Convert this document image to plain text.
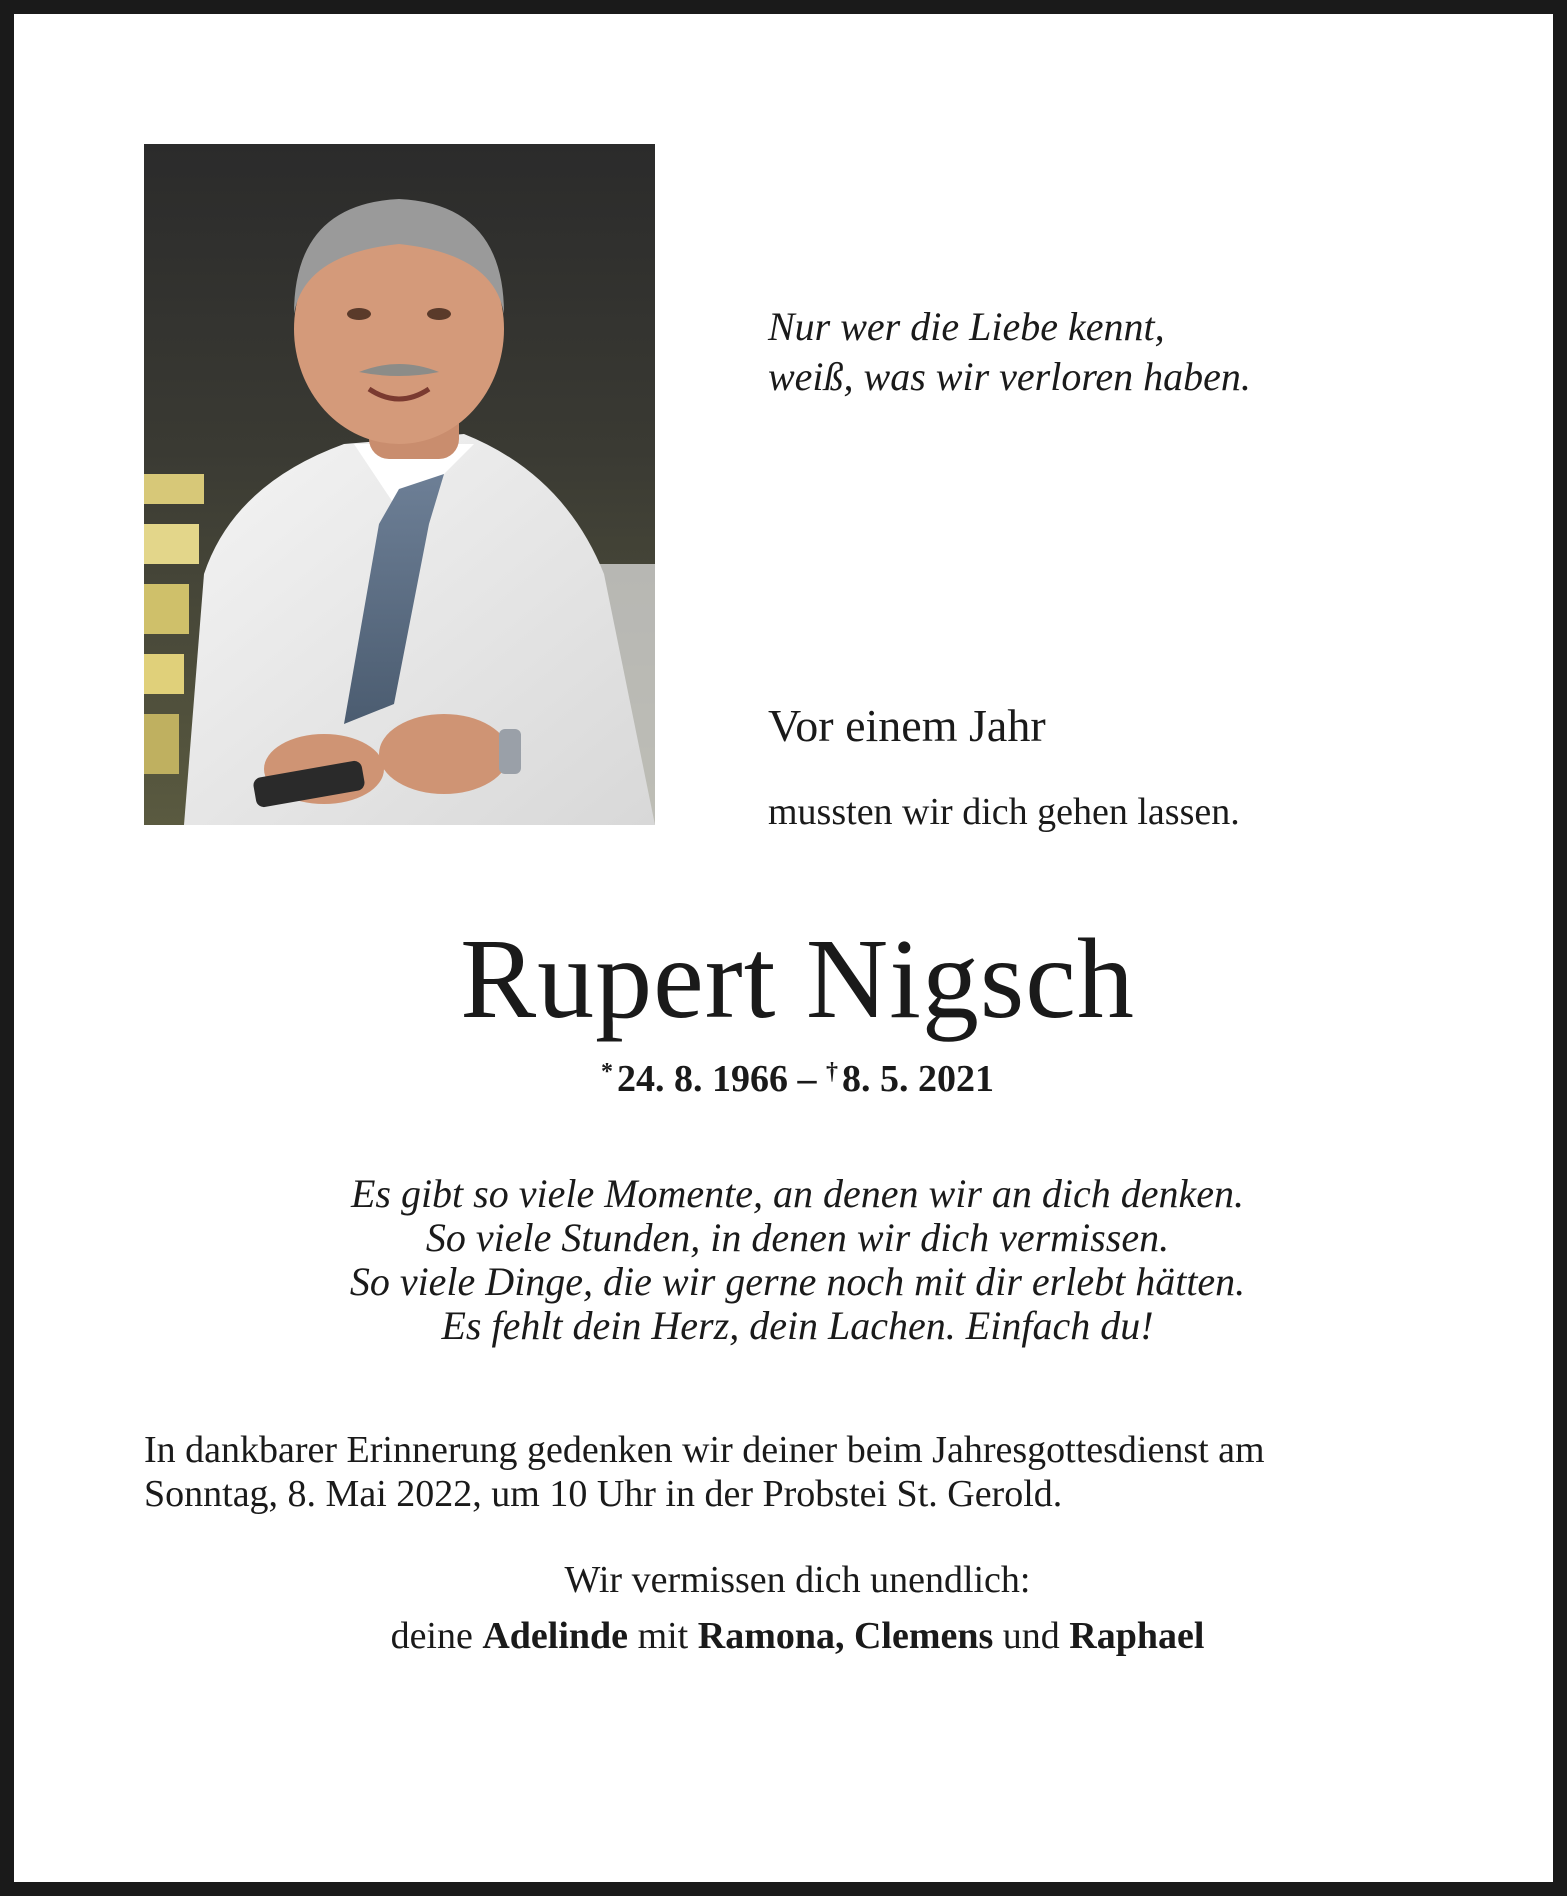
Nur wer die Liebe kennt,
weiß, was wir verloren haben.
Vor einem Jahr
mussten wir dich gehen lassen.
Rupert Nigsch
* 24. 8. 1966 – † 8. 5. 2021
Es gibt so viele Momente, an denen wir an dich denken.
So viele Stunden, in denen wir dich vermissen.
So viele Dinge, die wir gerne noch mit dir erlebt hätten.
Es fehlt dein Herz, dein Lachen. Einfach du!
In dankbarer Erinnerung gedenken wir deiner beim Jahresgottesdienst am
Sonntag, 8. Mai 2022, um 10 Uhr in der Probstei St. Gerold.
Wir vermissen dich unendlich:
deine Adelinde mit Ramona, Clemens und Raphael
